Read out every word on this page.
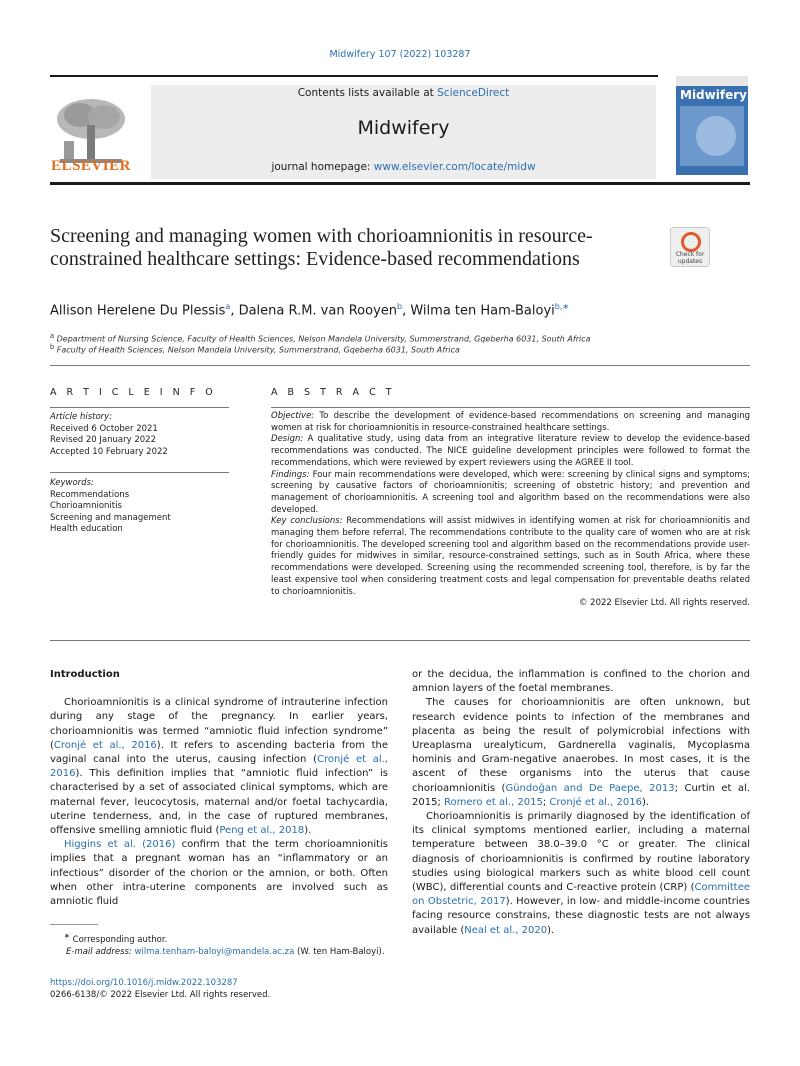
Midwifery 107 (2022) 103287
ELSEVIER
Contents lists available at ScienceDirect
Midwifery
journal homepage: www.elsevier.com/locate/midw
Midwifery
Screening and managing women with chorioamnionitis in resource-constrained healthcare settings: Evidence-based recommendations	Check for updates
Allison Herelene Du Plessis$^a$, Dalena R.M. van Rooyen$^b$, Wilma ten Ham-Baloyi$^{b,∗}$
$^a$ Department of Nursing Science, Faculty of Health Sciences, Nelson Mandela University, Summerstrand, Gqeberha 6031, South Africa
$^b$ Faculty of Health Sciences, Nelson Mandela University, Summerstrand, Gqeberha 6031, South Africa
A R T I C L E I N F O
Article history:
Received 6 October 2021
Revised 20 January 2022
Accepted 10 February 2022
Keywords:
Recommendations
Chorioamnionitis
Screening and management
Health education
A B S T R A C T

Objective: To describe the development of evidence-based recommendations on screening and managing women at risk for chorioamnionitis in resource-constrained healthcare settings.

Design: A qualitative study, using data from an integrative literature review to develop the evidence-based recommendations was conducted. The NICE guideline development principles were followed to format the recommendations, which were reviewed by expert reviewers using the AGREE II tool.

Findings: Four main recommendations were developed, which were: screening by clinical signs and symptoms; screening by causative factors of chorioamnionitis; screening of obstetric history; and prevention and management of chorioamnionitis. A screening tool and algorithm based on the recommendations were also developed.

Key conclusions: Recommendations will assist midwives in identifying women at risk for chorioamnionitis and managing them before referral. The recommendations contribute to the quality care of women who are at risk for chorioamnionitis. The developed screening tool and algorithm based on the recommendations provide user-friendly guides for midwives in similar, resource-constrained settings, such as in South Africa, where these recommendations were developed. Screening using the recommended screening tool, therefore, is by far the least expensive tool when considering treatment costs and legal compensation for preventable deaths related to chorioamnionitis.

© 2022 Elsevier Ltd. All rights reserved.

Introduction

Chorioamnionitis is a clinical syndrome of intrauterine infection during any stage of the pregnancy. In earlier years, chorioamnionitis was termed “amniotic fluid infection syndrome” (Cronjé et al., 2016). It refers to ascending bacteria from the vaginal canal into the uterus, causing infection (Cronjé et al., 2016). This definition implies that “amniotic fluid infection” is characterised by a set of associated clinical symptoms, which are maternal fever, leucocytosis, maternal and/or foetal tachycardia, uterine tenderness, and, in the case of ruptured membranes, offensive smelling amniotic fluid (Peng et al., 2018).

Higgins et al. (2016) confirm that the term chorioamnionitis implies that a pregnant woman has an “inflammatory or an infectious” disorder of the chorion or the amnion, or both. Often when other intra-uterine components are involved such as amniotic fluid

or the decidua, the inflammation is confined to the chorion and amnion layers of the foetal membranes.

The causes for chorioamnionitis are often unknown, but research evidence points to infection of the membranes and placenta as being the result of polymicrobial infections with Ureaplasma urealyticum, Gardnerella vaginalis, Mycoplasma hominis and Gram-negative anaerobes. In most cases, it is the ascent of these organisms into the uterus that cause chorioamnionitis (Gündoğan and De Paepe, 2013; Curtin et al. 2015; Romero et al., 2015; Cronjé et al., 2016).

Chorioamnionitis is primarily diagnosed by the identification of its clinical symptoms mentioned earlier, including a maternal temperature between 38.0–39.0 °C or greater. The clinical diagnosis of chorioamnionitis is confirmed by routine laboratory studies using biological markers such as white blood cell count (WBC), differential counts and C-reactive protein (CRP) (Committee on Obstetric, 2017). However, in low- and middle-income countries facing resource constrains, these diagnostic tests are not always available (Neal et al., 2020).

∗ Corresponding author.
E-mail address: wilma.tenham-baloyi@mandela.ac.za (W. ten Ham-Baloyi).
https://doi.org/10.1016/j.midw.2022.103287
0266-6138/© 2022 Elsevier Ltd. All rights reserved.
